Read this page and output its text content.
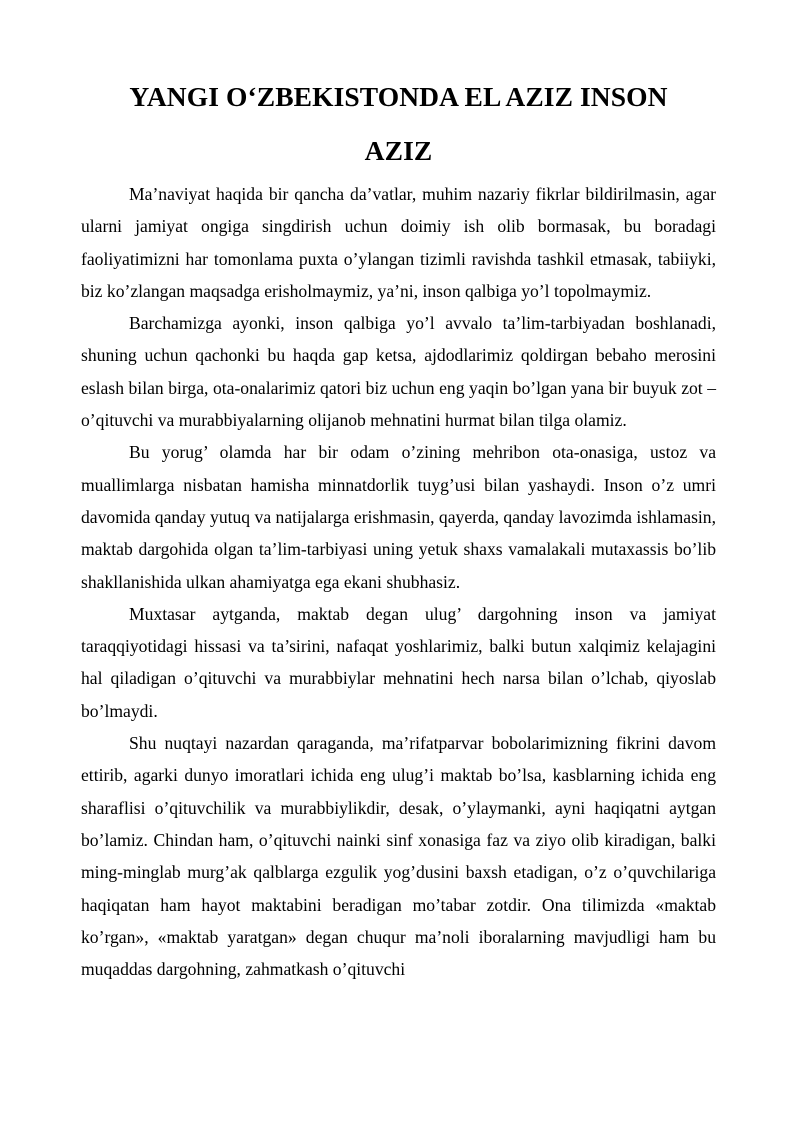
YANGI O‘ZBEKISTONDA EL AZIZ INSON
AZIZ

Ma’naviyat haqida bir qancha da’vatlar, muhim nazariy fikrlar bildirilmasin, agar ularni jamiyat ongiga singdirish uchun doimiy ish olib bormasak, bu boradagi faoliyatimizni har tomonlama puxta o’ylangan tizimli ravishda tashkil etmasak, tabiiyki, biz ko’zlangan maqsadga erisholmaymiz, ya’ni, inson qalbiga yo’l topolmaymiz.

Barchamizga ayonki, inson qalbiga yo’l avvalo ta’lim-tarbiyadan boshlanadi, shuning uchun qachonki bu haqda gap ketsa, ajdodlarimiz qoldirgan bebaho merosini eslash bilan birga, ota-onalarimiz qatori biz uchun eng yaqin bo’lgan yana bir buyuk zot – o’qituvchi va murabbiyalarning olijanob mehnatini hurmat bilan tilga olamiz.

Bu yorug’ olamda har bir odam o’zining mehribon ota-onasiga, ustoz va muallimlarga nisbatan hamisha minnatdorlik tuyg’usi bilan yashaydi. Inson o’z umri davomida qanday yutuq va natijalarga erishmasin, qayerda, qanday lavozimda ishlamasin, maktab dargohida olgan ta’lim-tarbiyasi uning yetuk shaxs vamalakali mutaxassis bo’lib shakllanishida ulkan ahamiyatga ega ekani shubhasiz.

Muxtasar aytganda, maktab degan ulug’ dargohning inson va jamiyat taraqqiyotidagi hissasi va ta’sirini, nafaqat yoshlarimiz, balki butun xalqimiz kelajagini hal qiladigan o’qituvchi va murabbiylar mehnatini hech narsa bilan o’lchab, qiyoslab bo’lmaydi.

Shu nuqtayi nazardan qaraganda, ma’rifatparvar bobolarimizning fikrini davom ettirib, agarki dunyo imoratlari ichida eng ulug’i maktab bo’lsa, kasblarning ichida eng sharaflisi o’qituvchilik va murabbiylikdir, desak, o’ylaymanki, ayni haqiqatni aytgan bo’lamiz. Chindan ham, o’qituvchi nainki sinf xonasiga faz va ziyo olib kiradigan, balki ming-minglab murg’ak qalblarga ezgulik yog’dusini baxsh etadigan, o’z o’quvchilariga haqiqatan ham hayot maktabini beradigan mo’tabar zotdir. Ona tilimizda «maktab ko’rgan», «maktab yaratgan» degan chuqur ma’noli iboralarning mavjudligi ham bu muqaddas dargohning, zahmatkash o’qituvchi
